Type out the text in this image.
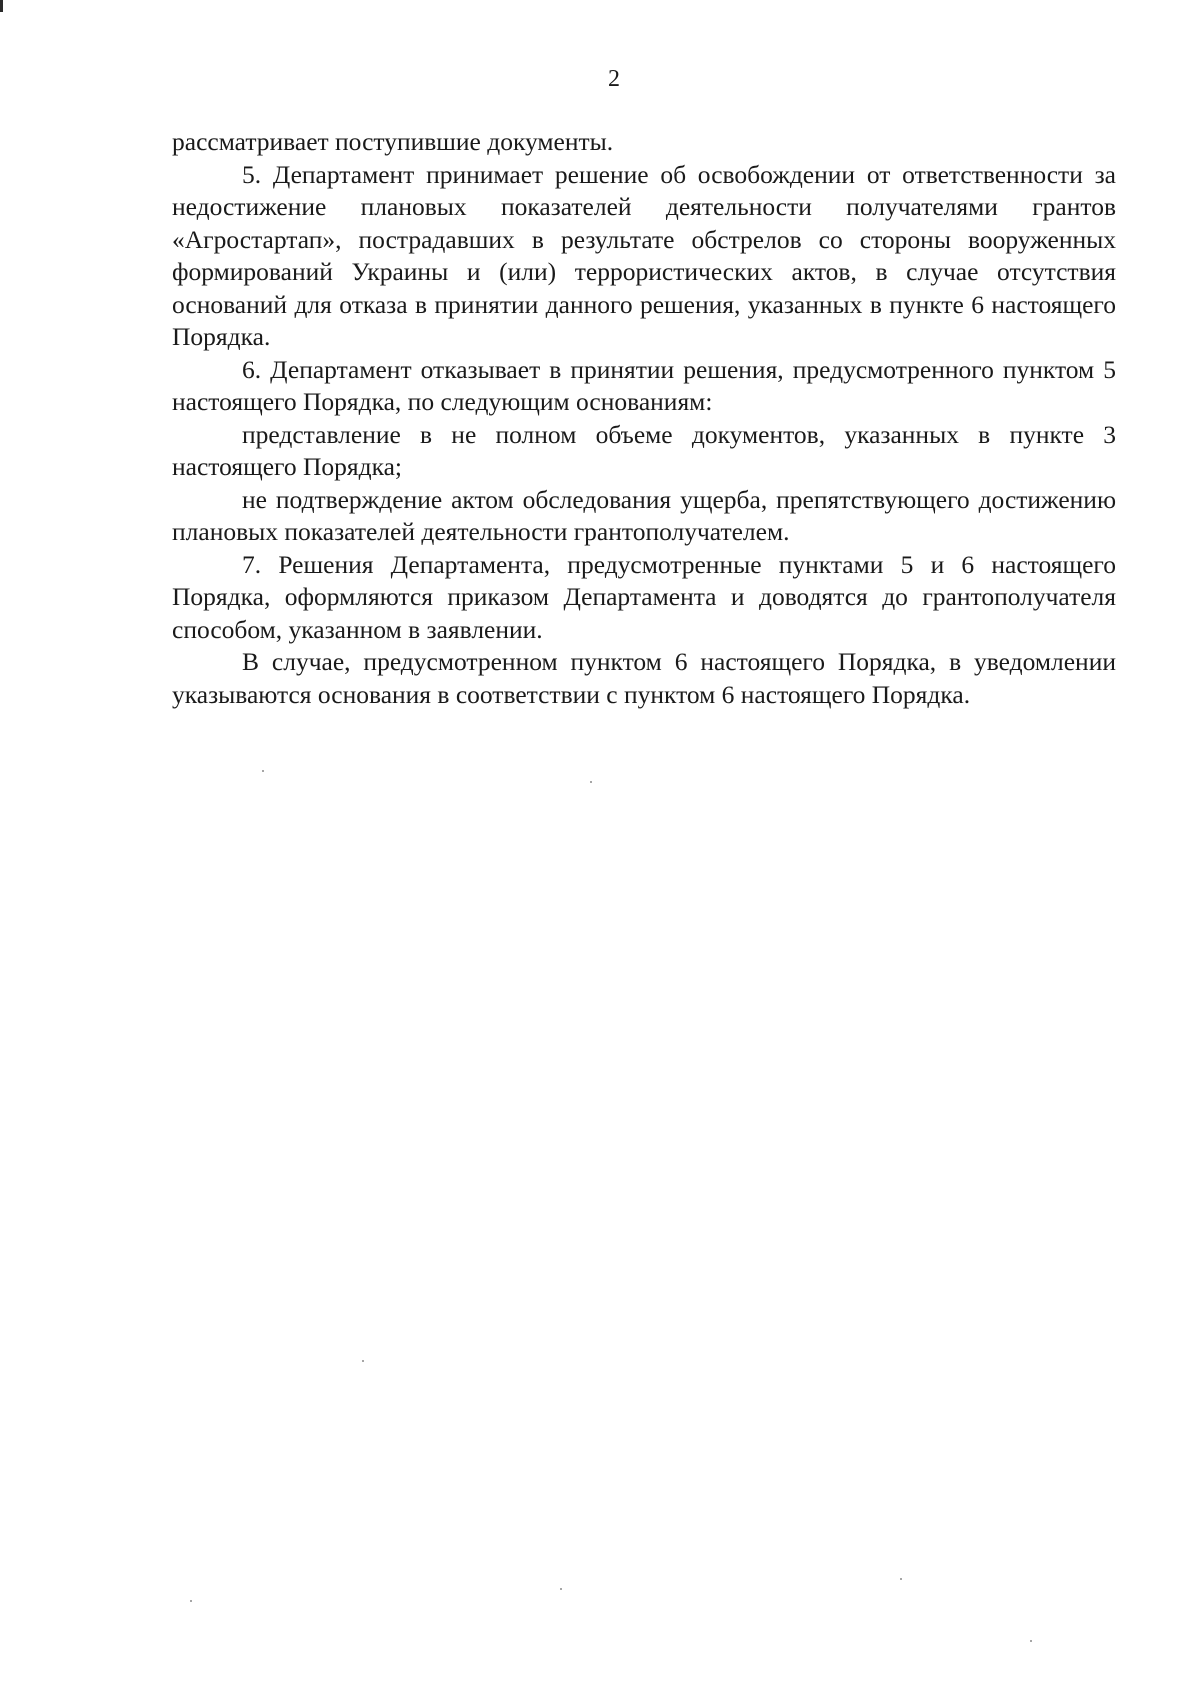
2

рассматривает поступившие документы.

5. Департамент принимает решение об освобождении от ответственности за недостижение плановых показателей деятельности получателями грантов «Агростартап», пострадавших в результате обстрелов со стороны вооруженных формирований Украины и (или) террористических актов, в случае отсутствия оснований для отказа в принятии данного решения, указанных в пункте 6 настоящего Порядка.

6. Департамент отказывает в принятии решения, предусмотренного пунктом 5 настоящего Порядка, по следующим основаниям:

представление в не полном объеме документов, указанных в пункте 3 настоящего Порядка;

не подтверждение актом обследования ущерба, препятствующего достижению плановых показателей деятельности грантополучателем.

7. Решения Департамента, предусмотренные пунктами 5 и 6 настоящего Порядка, оформляются приказом Департамента и доводятся до грантополучателя способом, указанном в заявлении.

В случае, предусмотренном пунктом 6 настоящего Порядка, в уведомлении указываются основания в соответствии с пунктом 6 настоящего Порядка.
